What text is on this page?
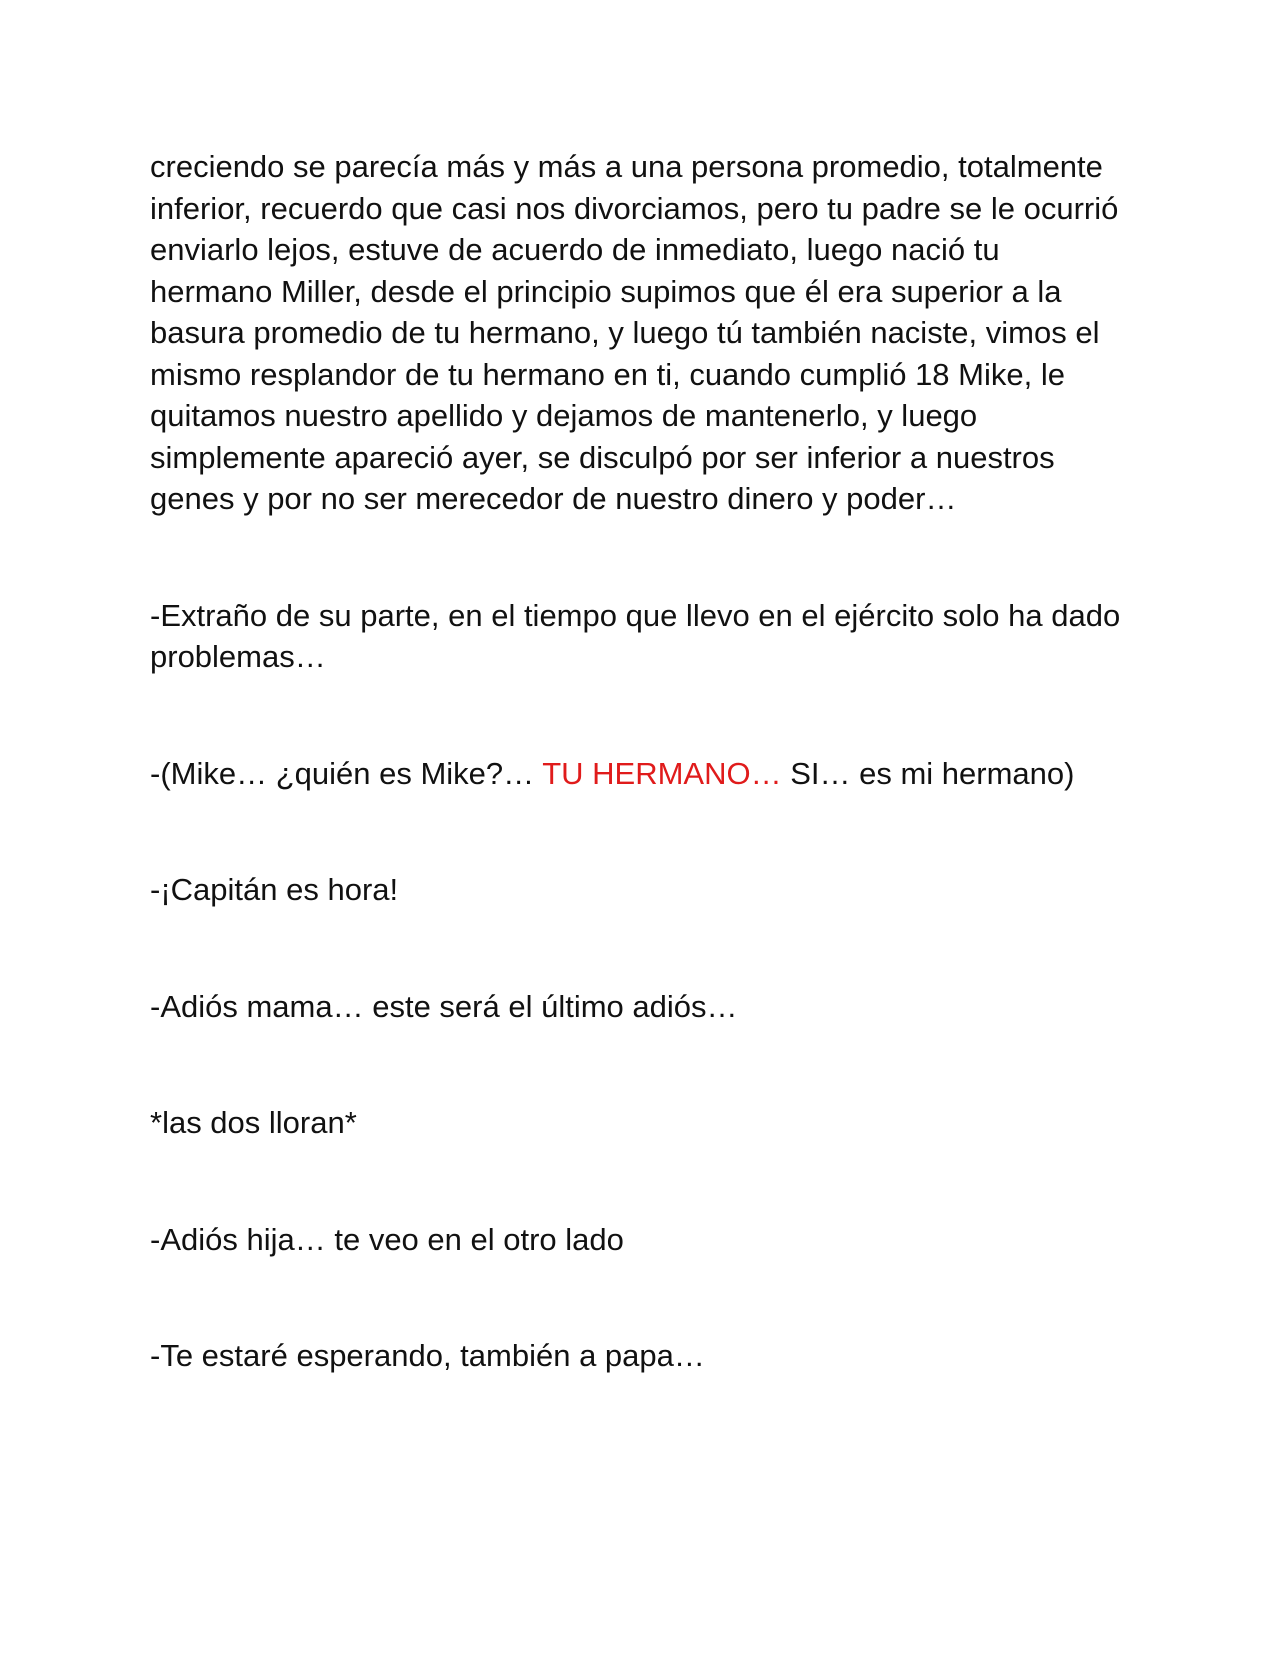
creciendo se parecía más y más a una persona promedio, totalmente inferior, recuerdo que casi nos divorciamos, pero tu padre se le ocurrió enviarlo lejos, estuve de acuerdo de inmediato, luego nació tu hermano Miller, desde el principio supimos que él era superior a la basura promedio de tu hermano, y luego tú también naciste, vimos el mismo resplandor de tu hermano en ti, cuando cumplió 18 Mike, le quitamos nuestro apellido y dejamos de mantenerlo, y luego simplemente apareció ayer, se disculpó por ser inferior a nuestros genes y por no ser merecedor de nuestro dinero y poder…

-Extraño de su parte, en el tiempo que llevo en el ejército solo ha dado problemas…

-(Mike… ¿quién es Mike?… TU HERMANO… SI… es mi hermano)

-¡Capitán es hora!

-Adiós mama… este será el último adiós…

*las dos lloran*

-Adiós hija… te veo en el otro lado

-Te estaré esperando, también a papa…
